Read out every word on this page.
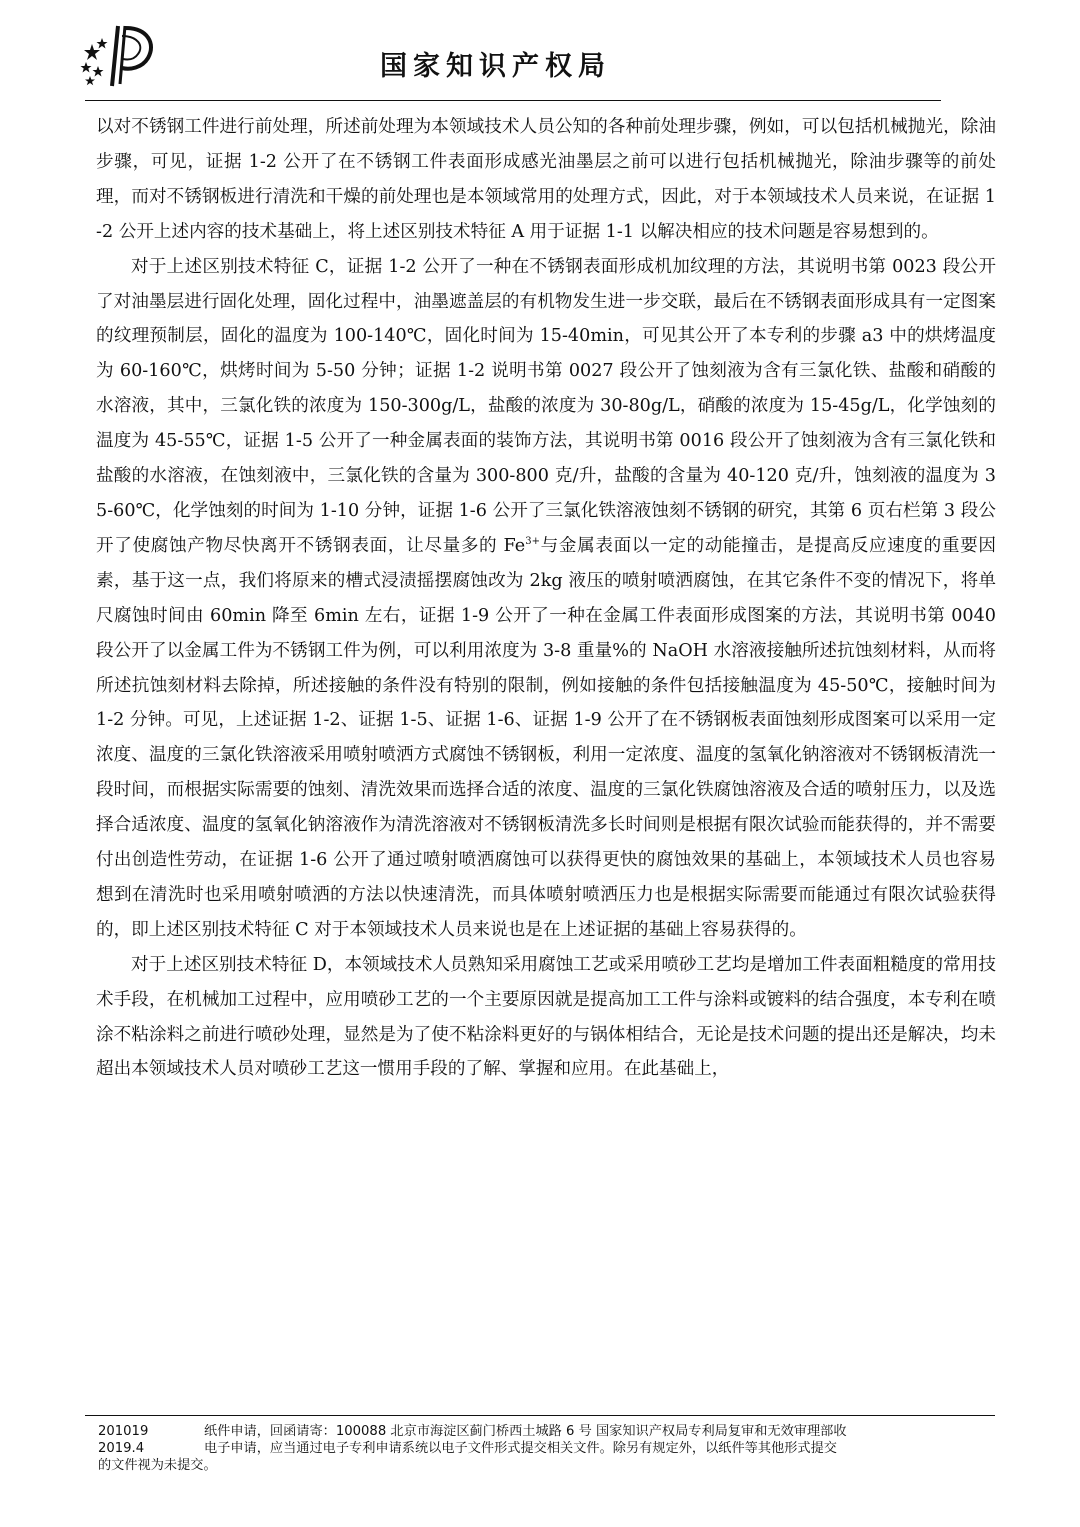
国家知识产权局

以对不锈钢工件进行前处理，所述前处理为本领域技术人员公知的各种前处理步骤，例如，可以包括机械抛光，除油步骤，可见，证据 1-2 公开了在不锈钢工件表面形成感光油墨层之前可以进行包括机械抛光，除油步骤等的前处理，而对不锈钢板进行清洗和干燥的前处理也是本领域常用的处理方式，因此，对于本领域技术人员来说，在证据 1-2 公开上述内容的技术基础上，将上述区别技术特征 A 用于证据 1-1 以解决相应的技术问题是容易想到的。

对于上述区别技术特征 C，证据 1-2 公开了一种在不锈钢表面形成机加纹理的方法，其说明书第 0023 段公开了对油墨层进行固化处理，固化过程中，油墨遮盖层的有机物发生进一步交联，最后在不锈钢表面形成具有一定图案的纹理预制层，固化的温度为 100-140℃，固化时间为 15-40min，可见其公开了本专利的步骤 a3 中的烘烤温度为 60-160℃，烘烤时间为 5-50 分钟；证据 1-2 说明书第 0027 段公开了蚀刻液为含有三氯化铁、盐酸和硝酸的水溶液，其中，三氯化铁的浓度为 150-300g/L，盐酸的浓度为 30-80g/L，硝酸的浓度为 15-45g/L，化学蚀刻的温度为 45-55℃，证据 1-5 公开了一种金属表面的装饰方法，其说明书第 0016 段公开了蚀刻液为含有三氯化铁和盐酸的水溶液，在蚀刻液中，三氯化铁的含量为 300-800 克/升，盐酸的含量为 40-120 克/升，蚀刻液的温度为 35-60℃，化学蚀刻的时间为 1-10 分钟，证据 1-6 公开了三氯化铁溶液蚀刻不锈钢的研究，其第 6 页右栏第 3 段公开了使腐蚀产物尽快离开不锈钢表面，让尽量多的 $Fe^{3+}$与金属表面以一定的动能撞击，是提高反应速度的重要因素，基于这一点，我们将原来的槽式浸渍摇摆腐蚀改为 2kg 液压的喷射喷洒腐蚀，在其它条件不变的情况下，将单尺腐蚀时间由 60min 降至 6min 左右，证据 1-9 公开了一种在金属工件表面形成图案的方法，其说明书第 0040 段公开了以金属工件为不锈钢工件为例，可以利用浓度为 3-8 重量%的 NaOH 水溶液接触所述抗蚀刻材料，从而将所述抗蚀刻材料去除掉，所述接触的条件没有特别的限制，例如接触的条件包括接触温度为 45-50℃，接触时间为 1-2 分钟。可见，上述证据 1-2、证据 1-5、证据 1-6、证据 1-9 公开了在不锈钢板表面蚀刻形成图案可以采用一定浓度、温度的三氯化铁溶液采用喷射喷洒方式腐蚀不锈钢板，利用一定浓度、温度的氢氧化钠溶液对不锈钢板清洗一段时间，而根据实际需要的蚀刻、清洗效果而选择合适的浓度、温度的三氯化铁腐蚀溶液及合适的喷射压力，以及选择合适浓度、温度的氢氧化钠溶液作为清洗溶液对不锈钢板清洗多长时间则是根据有限次试验而能获得的，并不需要付出创造性劳动，在证据 1-6 公开了通过喷射喷洒腐蚀可以获得更快的腐蚀效果的基础上，本领域技术人员也容易想到在清洗时也采用喷射喷洒的方法以快速清洗，而具体喷射喷洒压力也是根据实际需要而能通过有限次试验获得的，即上述区别技术特征 C 对于本领域技术人员来说也是在上述证据的基础上容易获得的。

对于上述区别技术特征 D，本领域技术人员熟知采用腐蚀工艺或采用喷砂工艺均是增加工件表面粗糙度的常用技术手段，在机械加工过程中，应用喷砂工艺的一个主要原因就是提高加工工件与涂料或镀料的结合强度，本专利在喷涂不粘涂料之前进行喷砂处理，显然是为了使不粘涂料更好的与锅体相结合，无论是技术问题的提出还是解决，均未超出本领域技术人员对喷砂工艺这一惯用手段的了解、掌握和应用。在此基础上，

201019	纸件申请，回函请寄：100088 北京市海淀区蓟门桥西土城路 6 号 国家知识产权局专利局复审和无效审理部收
2019.4	电子申请，应当通过电子专利申请系统以电子文件形式提交相关文件。除另有规定外，以纸件等其他形式提交
的文件视为未提交。
